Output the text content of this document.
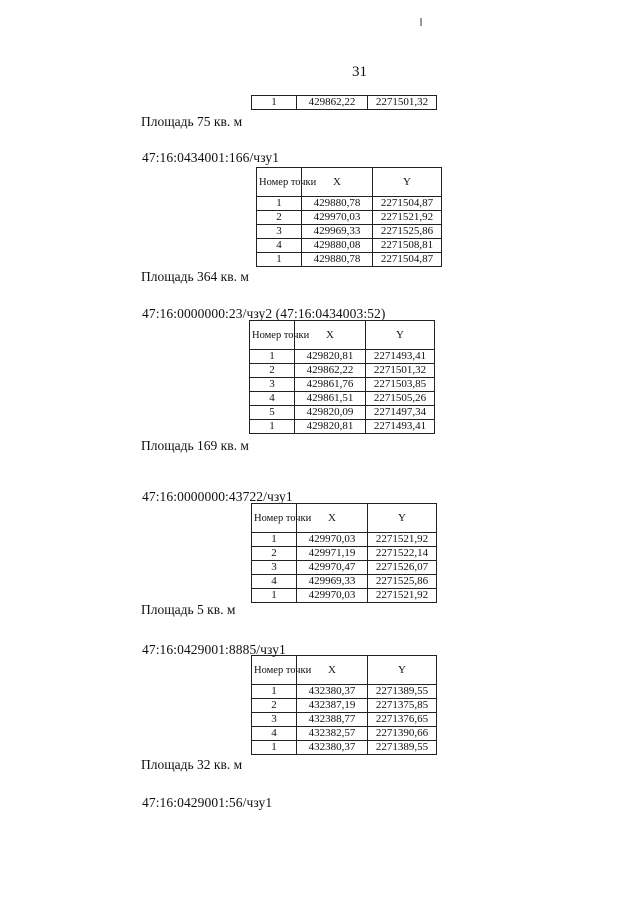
31
1	429862,22	2271501,32
Площадь 75 кв. м
47:16:0434001:166/чзу1
Номер точки	X	Y
1	429880,78	2271504,87
2	429970,03	2271521,92
3	429969,33	2271525,86
4	429880,08	2271508,81
1	429880,78	2271504,87
Площадь 364 кв. м
47:16:0000000:23/чзу2 (47:16:0434003:52)
Номер точки	X	Y
1	429820,81	2271493,41
2	429862,22	2271501,32
3	429861,76	2271503,85
4	429861,51	2271505,26
5	429820,09	2271497,34
1	429820,81	2271493,41
Площадь 169 кв. м
47:16:0000000:43722/чзу1
Номер точки	X	Y
1	429970,03	2271521,92
2	429971,19	2271522,14
3	429970,47	2271526,07
4	429969,33	2271525,86
1	429970,03	2271521,92
Площадь 5 кв. м
47:16:0429001:8885/чзу1
Номер точки	X	Y
1	432380,37	2271389,55
2	432387,19	2271375,85
3	432388,77	2271376,65
4	432382,57	2271390,66
1	432380,37	2271389,55
Площадь 32 кв. м
47:16:0429001:56/чзу1
